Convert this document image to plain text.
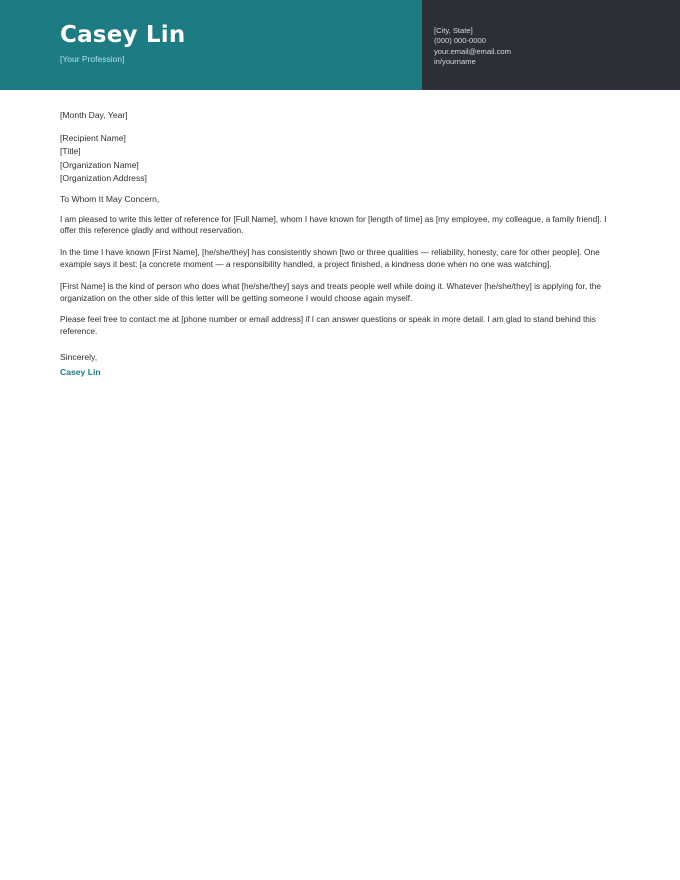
Casey Lin
[Your Profession]
[City, State]
(000) 000-0000
your.email@email.com
in/yourname
[Month Day, Year]
[Recipient Name]
[Title]
[Organization Name]
[Organization Address]
To Whom It May Concern,

I am pleased to write this letter of reference for [Full Name], whom I have known for [length of time] as [my employee, my colleague, a family friend]. I offer this reference gladly and without reservation.

In the time I have known [First Name], [he/she/they] has consistently shown [two or three qualities — reliability, honesty, care for other people]. One example says it best: [a concrete moment — a responsibility handled, a project finished, a kindness done when no one was watching].

[First Name] is the kind of person who does what [he/she/they] says and treats people well while doing it. Whatever [he/she/they] is applying for, the organization on the other side of this letter will be getting someone I would choose again myself.

Please feel free to contact me at [phone number or email address] if I can answer questions or speak in more detail. I am glad to stand behind this reference.

Sincerely,
Casey Lin
